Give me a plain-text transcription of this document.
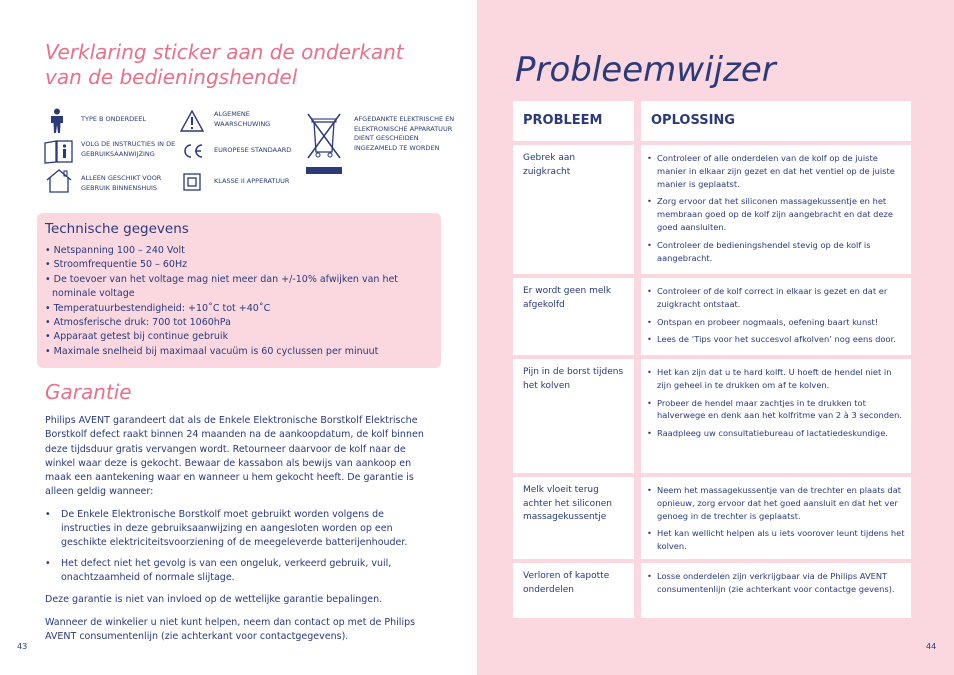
Verklaring sticker aan de onderkant van de bedieningshendel
TYPE B ONDERDEEL
VOLG DE INSTRUCTIES IN DE GEBRUIKSAANWIJZING
ALLEEN GESCHIKT VOOR GEBRUIK BINNENSHUIS
ALGEMENE WAARSCHUWING
EUROPESE STANDAARD
KLASSE II APPERATUUR
AFGEDANKTE ELEKTRISCHE EN ELEKTRONISCHE APPARATUUR DIENT GESCHEIDEN INGEZAMELD TE WORDEN
Technische gegevens
• Netspanning 100 – 240 Volt
• Stroomfrequentie 50 – 60Hz
• De toevoer van het voltage mag niet meer dan +/-10% afwijken van het nominale voltage
• Temperatuurbestendigheid: +10˚C tot +40˚C
• Atmosferische druk: 700 tot 1060hPa
• Apparaat getest bij continue gebruik
• Maximale snelheid bij maximaal vacuüm is 60 cyclussen per minuut
Garantie

Philips AVENT garandeert dat als de Enkele Elektronische Borstkolf Elektrische Borstkolf defect raakt binnen 24 maanden na de aankoopdatum, de kolf binnen deze tijdsduur gratis vervangen wordt. Retourneer daarvoor de kolf naar de winkel waar deze is gekocht. Bewaar de kassabon als bewijs van aankoop en maak een aantekening waar en wanneer u hem gekocht heeft. De garantie is alleen geldig wanneer:

•	De Enkele Elektronische Borstkolf moet gebruikt worden volgens de instructies in deze gebruiksaanwijzing en aangesloten worden op een geschikte elektriciteitsvoorziening of de meegeleverde batterijenhouder.
•	Het defect niet het gevolg is van een ongeluk, verkeerd gebruik, vuil, onachtzaamheid of normale slijtage.

Deze garantie is niet van invloed op de wettelijke garantie bepalingen.

Wanneer de winkelier u niet kunt helpen, neem dan contact op met de Philips AVENT consumentenlijn (zie achterkant voor contactgegevens).

43
Probleemwijzer
PROBLEEM	OPLOSSING
Gebrek aan zuigkracht
• Controleer of alle onderdelen van de kolf op de juiste manier in elkaar zijn gezet en dat het ventiel op de juiste manier is geplaatst.
• Zorg ervoor dat het siliconen massagekussentje en het membraan goed op de kolf zijn aangebracht en dat deze goed aansluiten.
• Controleer de bedieningshendel stevig op de kolf is aangebracht.
Er wordt geen melk afgekolfd
• Controleer of de kolf correct in elkaar is gezet en dat er zuigkracht ontstaat.
• Ontspan en probeer nogmaals, oefening baart kunst!
• Lees de ‘Tips voor het succesvol afkolven’ nog eens door.
Pijn in de borst tijdens het kolven
• Het kan zijn dat u te hard kolft. U hoeft de hendel niet in zijn geheel in te drukken om af te kolven.
• Probeer de hendel maar zachtjes in te drukken tot halverwege en denk aan het kolfritme van 2 à 3 seconden.
• Raadpleeg uw consultatiebureau of lactatiedeskundige.
Melk vloeit terug achter het siliconen massagekussentje
• Neem het massagekussentje van de trechter en plaats dat opnieuw, zorg ervoor dat het goed aansluit en dat het ver genoeg in de trechter is geplaatst.
• Het kan wellicht helpen als u iets voorover leunt tijdens het kolven.
Verloren of kapotte onderdelen
• Losse onderdelen zijn verkrijgbaar via de Philips AVENT consumentenlijn (zie achterkant voor contactge gevens).
44
